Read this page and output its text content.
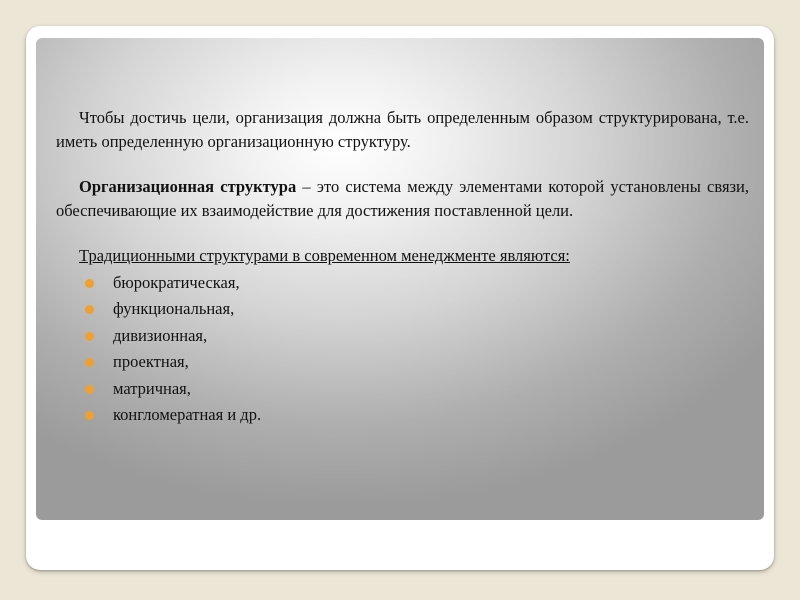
Чтобы достичь цели, организация должна быть определенным образом структурирована, т.е. иметь определенную организационную структуру.

Организационная структура – это система между элементами которой установлены связи, обеспечивающие их взаимодействие для достижения поставленной цели.

Традиционными структурами в современном менеджменте являются:

бюрократическая,
функциональная,
дивизионная,
проектная,
матричная,
конгломератная и др.
